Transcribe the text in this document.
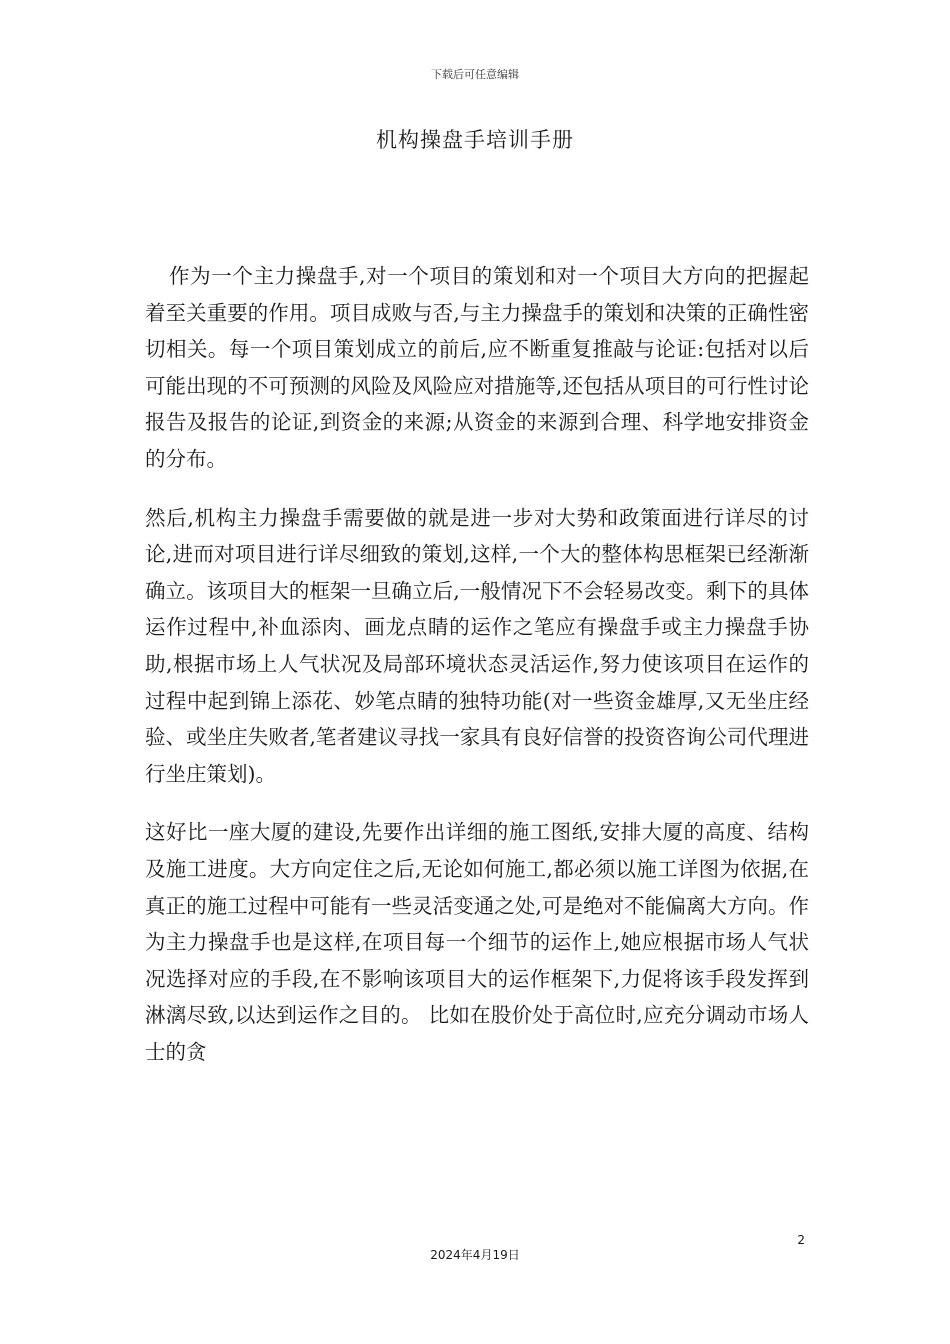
下载后可任意编辑
机构操盘手培训手册

作为一个主力操盘手,对一个项目的策划和对一个项目大方向的把握起着至关重要的作用。项目成败与否,与主力操盘手的策划和决策的正确性密切相关。每一个项目策划成立的前后,应不断重复推敲与论证:包括对以后可能出现的不可预测的风险及风险应对措施等,还包括从项目的可行性讨论报告及报告的论证,到资金的来源;从资金的来源到合理、科学地安排资金的分布。

然后,机构主力操盘手需要做的就是进一步对大势和政策面进行详尽的讨论,进而对项目进行详尽细致的策划,这样,一个大的整体构思框架已经渐渐确立。该项目大的框架一旦确立后,一般情况下不会轻易改变。剩下的具体运作过程中,补血添肉、画龙点睛的运作之笔应有操盘手或主力操盘手协助,根据市场上人气状况及局部环境状态灵活运作,努力使该项目在运作的过程中起到锦上添花、妙笔点睛的独特功能(对一些资金雄厚,又无坐庄经验、或坐庄失败者,笔者建议寻找一家具有良好信誉的投资咨询公司代理进行坐庄策划)。

这好比一座大厦的建设,先要作出详细的施工图纸,安排大厦的高度、结构及施工进度。大方向定住之后,无论如何施工,都必须以施工详图为依据,在真正的施工过程中可能有一些灵活变通之处,可是绝对不能偏离大方向。作为主力操盘手也是这样,在项目每一个细节的运作上,她应根据市场人气状况选择对应的手段,在不影响该项目大的运作框架下,力促将该手段发挥到淋漓尽致,以达到运作之目的。 比如在股价处于高位时,应充分调动市场人士的贪

2
2024年4月19日
